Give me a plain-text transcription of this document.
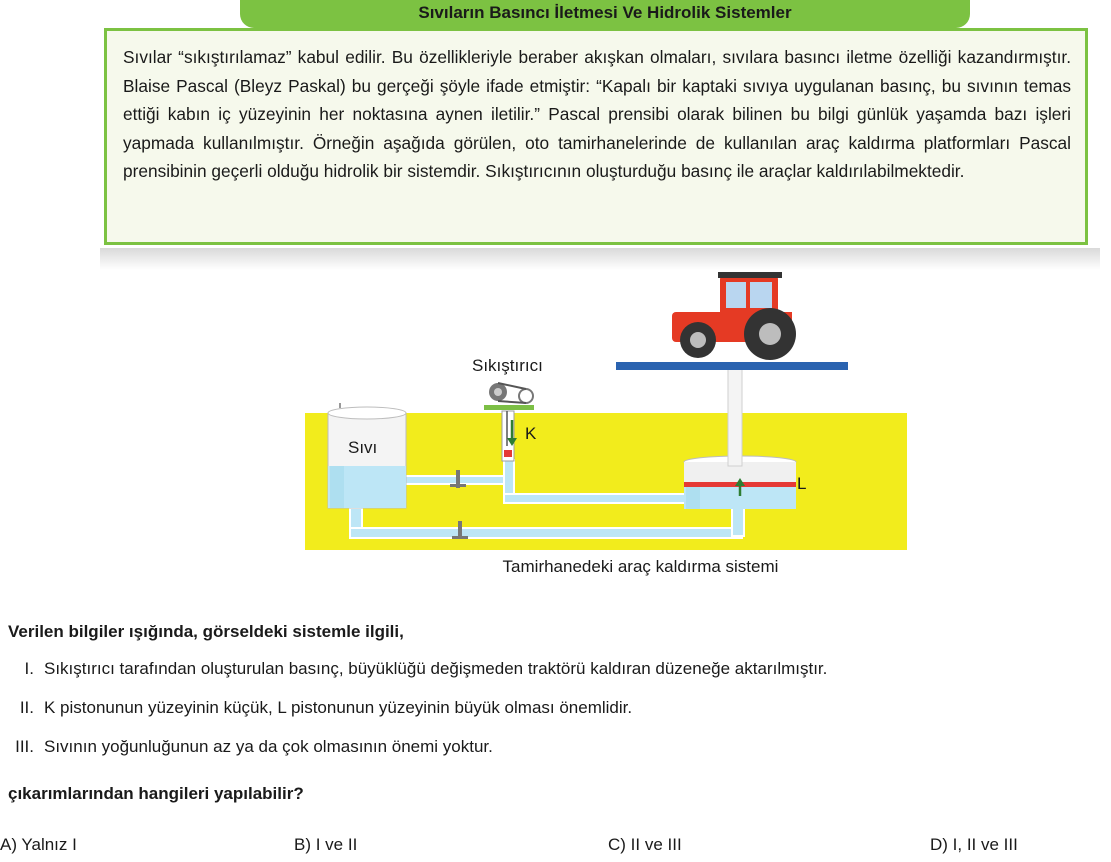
Sıvıların Basıncı İletmesi Ve Hidrolik Sistemler
Sıvılar “sıkıştırılamaz” kabul edilir. Bu özellikleriyle beraber akışkan olmaları, sıvılara basıncı iletme özelliği kazandırmıştır. Blaise Pascal (Bleyz Paskal) bu gerçeği şöyle ifade etmiştir: “Kapalı bir kaptaki sıvıya uygulanan basınç, bu sıvının temas ettiği kabın iç yüzeyinin her noktasına aynen iletilir.” Pascal prensibi olarak bilinen bu bilgi günlük yaşamda bazı işleri yapmada kullanılmıştır. Örneğin aşağıda görülen, oto tamirhanelerinde de kullanılan araç kaldırma platformları Pascal prensibinin geçerli olduğu hidrolik bir sistemdir. Sıkıştırıcının oluşturduğu basınç ile araçlar kaldırılabilmektedir.
Sıkıştırıcı
Sıvı
K
L
Tamirhanedeki araç kaldırma sistemi
Verilen bilgiler ışığında, görseldeki sistemle ilgili,
I. Sıkıştırıcı tarafından oluşturulan basınç, büyüklüğü değişmeden traktörü kaldıran düzeneğe aktarılmıştır.
II. K pistonunun yüzeyinin küçük, L pistonunun yüzeyinin büyük olması önemlidir.
III. Sıvının yoğunluğunun az ya da çok olmasının önemi yoktur.
çıkarımlarından hangileri yapılabilir?
A) Yalnız I	B) I ve II	C) II ve III	D) I, II ve III
